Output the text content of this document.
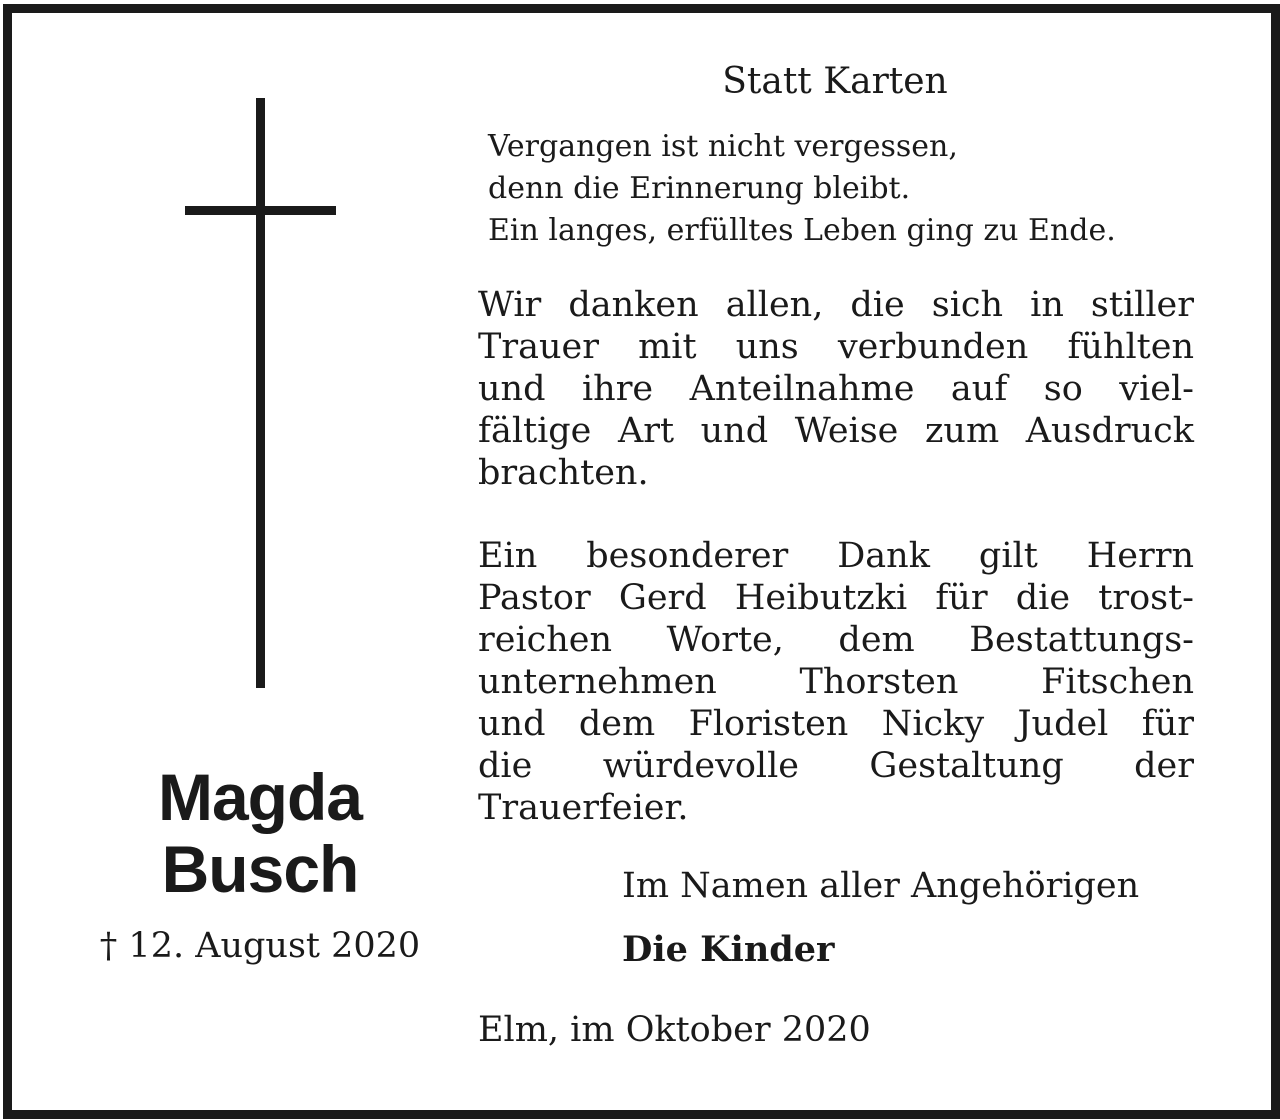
Magda
Busch
† 12. August 2020
Statt Karten
Vergangen ist nicht vergessen,
denn die Erinnerung bleibt.
Ein langes, erfülltes Leben ging zu Ende.
Wir danken allen, die sich in stiller
Trauer mit uns verbunden fühlten
und ihre Anteilnahme auf so viel-
fältige Art und Weise zum Ausdruck
brachten.
Ein besonderer Dank gilt Herrn
Pastor Gerd Heibutzki für die trost-
reichen Worte, dem Bestattungs-
unternehmen Thorsten Fitschen
und dem Floristen Nicky Judel für
die würdevolle Gestaltung der
Trauerfeier.
Im Namen aller Angehörigen
Die Kinder
Elm, im Oktober 2020
